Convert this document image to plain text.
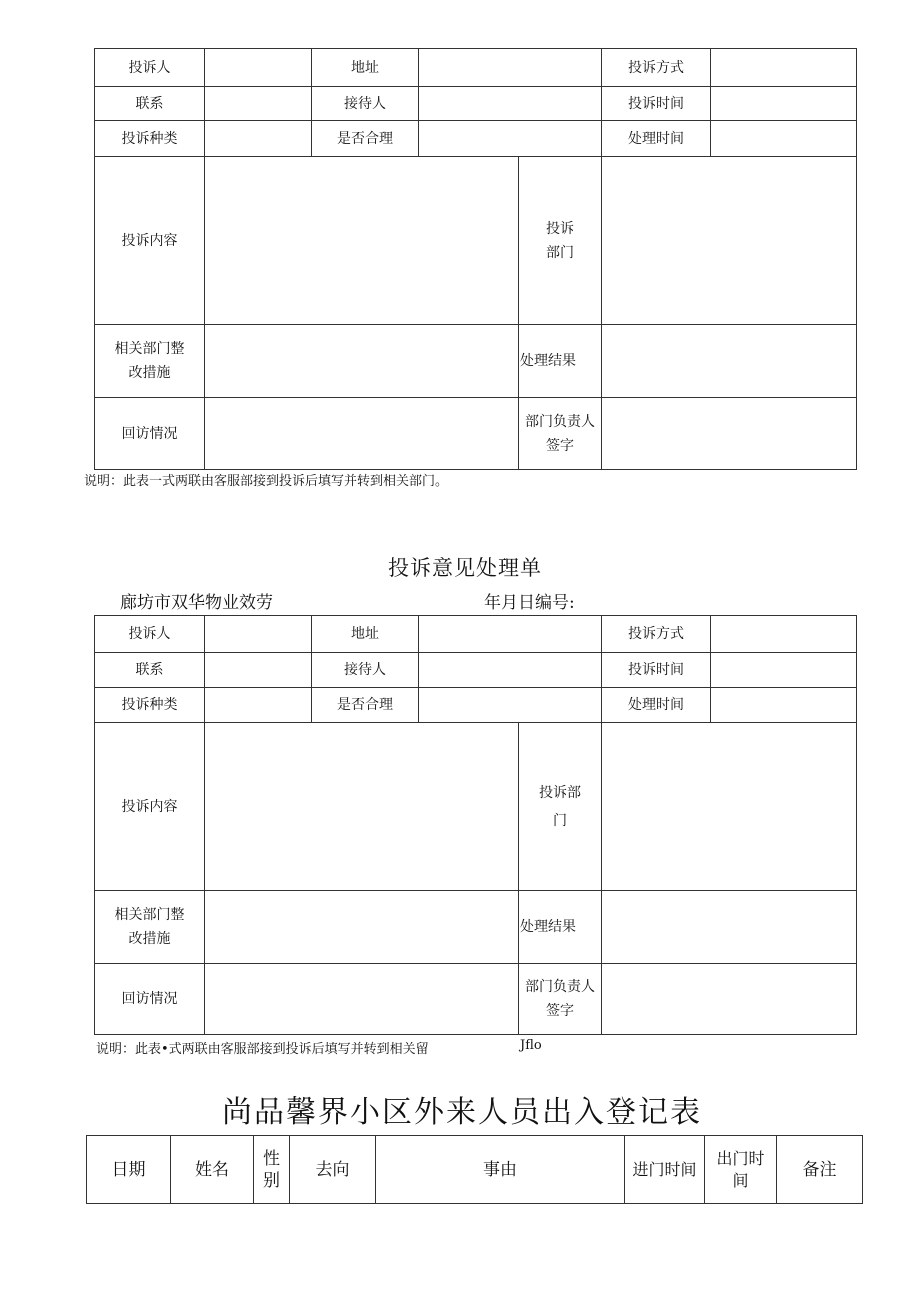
投诉人		地址			投诉方式	
联系		接待人			投诉时间	
投诉种类		是否合理			处理时间	
投诉内容				投诉
部门		
相关部门整
改措施				处理结果		
回访情况				部门负责人
签字		
说明：此表一式两联由客服部接到投诉后填写并转到相关部门。
投诉意见处理单
廊坊市双华物业效劳	年月日编号:
投诉人		地址			投诉方式	
联系		接待人			投诉时间	
投诉种类		是否合理			处理时间	
投诉内容				投诉部
门		
相关部门整
改措施				处理结果		
回访情况				部门负责人
签字		
说明：此表•式两联由客服部接到投诉后填写并转到相关留	Jflo
尚品馨界小区外来人员出入登记表
日期	姓名	性
别	去向	事由	进门时间	出门时
间	备注
